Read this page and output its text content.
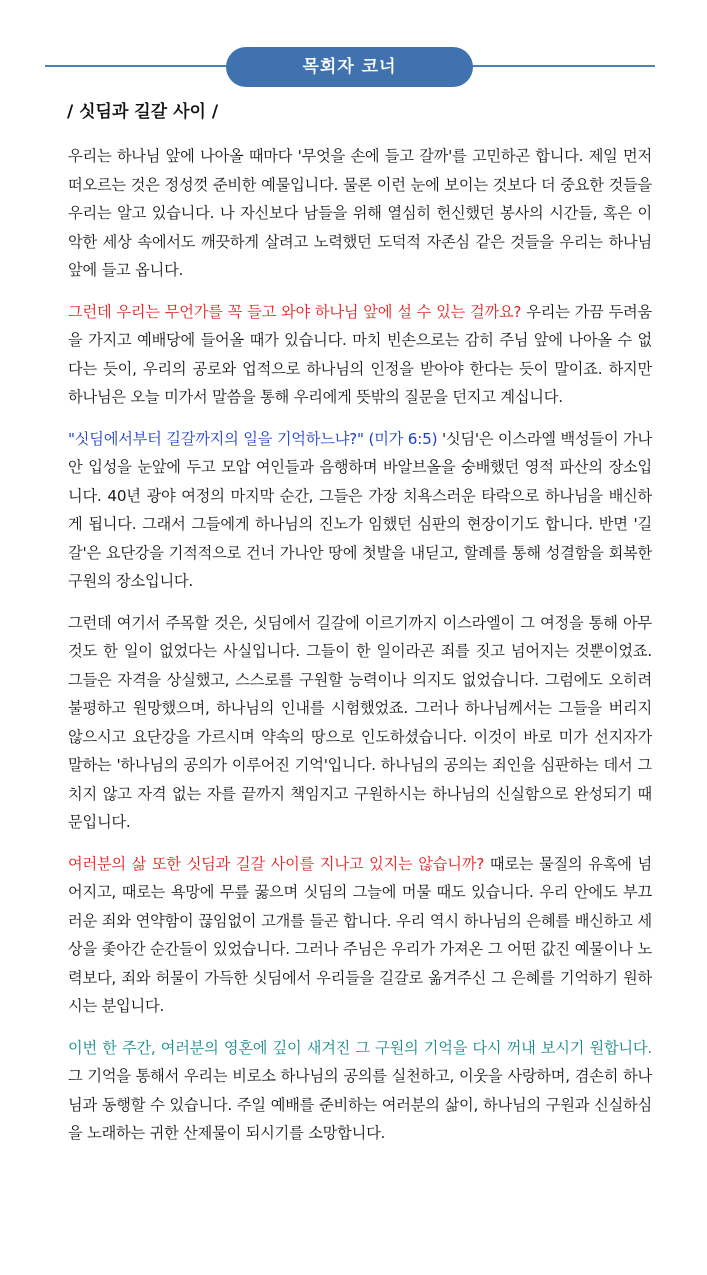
목회자 코너
/ 싯딤과 길갈 사이 /

우리는 하나님 앞에 나아올 때마다 '무엇을 손에 들고 갈까'를 고민하곤 합니다. 제일 먼저 떠오르는 것은 정성껏 준비한 예물입니다. 물론 이런 눈에 보이는 것보다 더 중요한 것들을 우리는 알고 있습니다. 나 자신보다 남들을 위해 열심히 헌신했던 봉사의 시간들, 혹은 이 악한 세상 속에서도 깨끗하게 살려고 노력했던 도덕적 자존심 같은 것들을 우리는 하나님 앞에 들고 옵니다.

그런데 우리는 무언가를 꼭 들고 와야 하나님 앞에 설 수 있는 걸까요? 우리는 가끔 두려움을 가지고 예배당에 들어올 때가 있습니다. 마치 빈손으로는 감히 주님 앞에 나아올 수 없다는 듯이, 우리의 공로와 업적으로 하나님의 인정을 받아야 한다는 듯이 말이죠. 하지만 하나님은 오늘 미가서 말씀을 통해 우리에게 뜻밖의 질문을 던지고 계십니다.

"싯딤에서부터 길갈까지의 일을 기억하느냐?" (미가 6:5) '싯딤'은 이스라엘 백성들이 가나안 입성을 눈앞에 두고 모압 여인들과 음행하며 바알브올을 숭배했던 영적 파산의 장소입니다. 40년 광야 여정의 마지막 순간, 그들은 가장 치욕스러운 타락으로 하나님을 배신하게 됩니다. 그래서 그들에게 하나님의 진노가 임했던 심판의 현장이기도 합니다. 반면 '길갈'은 요단강을 기적적으로 건너 가나안 땅에 첫발을 내딛고, 할례를 통해 성결함을 회복한 구원의 장소입니다.

그런데 여기서 주목할 것은, 싯딤에서 길갈에 이르기까지 이스라엘이 그 여정을 통해 아무것도 한 일이 없었다는 사실입니다. 그들이 한 일이라곤 죄를 짓고 넘어지는 것뿐이었죠. 그들은 자격을 상실했고, 스스로를 구원할 능력이나 의지도 없었습니다. 그럼에도 오히려 불평하고 원망했으며, 하나님의 인내를 시험했었죠. 그러나 하나님께서는 그들을 버리지 않으시고 요단강을 가르시며 약속의 땅으로 인도하셨습니다. 이것이 바로 미가 선지자가 말하는 '하나님의 공의가 이루어진 기억'입니다. 하나님의 공의는 죄인을 심판하는 데서 그치지 않고 자격 없는 자를 끝까지 책임지고 구원하시는 하나님의 신실함으로 완성되기 때문입니다.

여러분의 삶 또한 싯딤과 길갈 사이를 지나고 있지는 않습니까? 때로는 물질의 유혹에 넘어지고, 때로는 욕망에 무릎 꿇으며 싯딤의 그늘에 머물 때도 있습니다. 우리 안에도 부끄러운 죄와 연약함이 끊임없이 고개를 들곤 합니다. 우리 역시 하나님의 은혜를 배신하고 세상을 좇아간 순간들이 있었습니다. 그러나 주님은 우리가 가져온 그 어떤 값진 예물이나 노력보다, 죄와 허물이 가득한 싯딤에서 우리들을 길갈로 옮겨주신 그 은혜를 기억하기 원하시는 분입니다.

이번 한 주간, 여러분의 영혼에 깊이 새겨진 그 구원의 기억을 다시 꺼내 보시기 원합니다. 그 기억을 통해서 우리는 비로소 하나님의 공의를 실천하고, 이웃을 사랑하며, 겸손히 하나님과 동행할 수 있습니다. 주일 예배를 준비하는 여러분의 삶이, 하나님의 구원과 신실하심을 노래하는 귀한 산제물이 되시기를 소망합니다.
